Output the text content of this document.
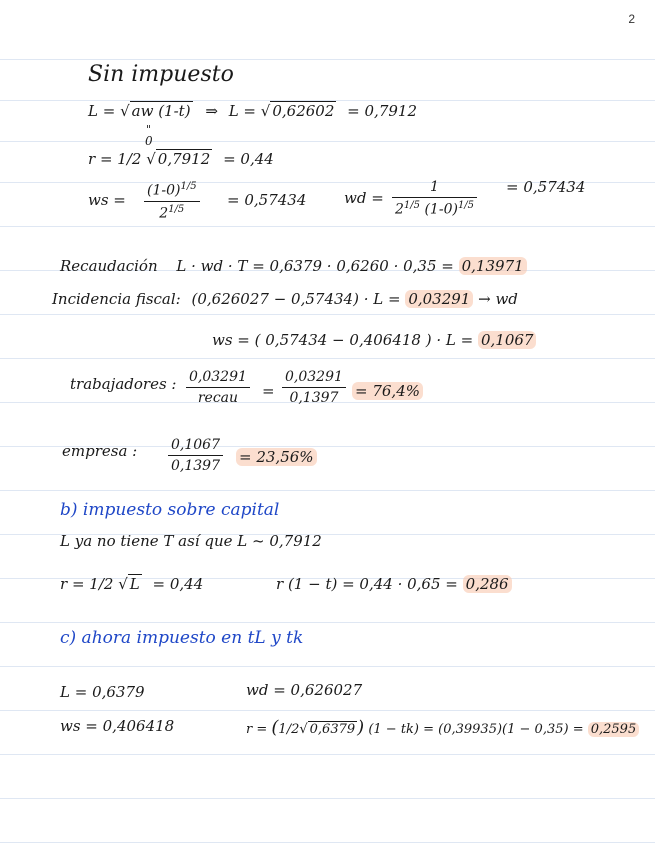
2
Sin impuesto
L = √ aw (1-t) ⇒ L = √ 0,62602 = 0,7912
"
0
r = 1/2 √ 0,7912 = 0,44
ws = $\frac{(1-0)^{1/5}}{2^{1/5}} = 0,57434$	wd = $\frac{1}{2^{1/5} (1-0)^{1/5}} = 0,57434$
Recaudación L · wd · T = 0,6379 · 0,6260 · 0,35 = 0,13971
Incidencia fiscal: (0,626027 − 0,57434) · L = 0,03291 → wd
ws = ( 0,57434 − 0,406418 ) · L = 0,1067
trabajadores : 0,03291
recau	= $\frac{0,03291}{0,1397} = 76,4\%$
empresa : $\frac{0,1067}{0,1397} = 23,56\%$
b) impuesto sobre capital
L ya no tiene T así que L ~ 0,7912
r = 1/2 √ L = 0,44	r (1 − t) = 0,44 · 0,65 = 0,286
c) ahora impuesto en tL y tk
L = 0,6379	wd = 0,626027
ws = 0,406418	r = (1/2√ 0,6379 ) (1 − tk) = (0,39935)(1 − 0,35) = 0,2595
